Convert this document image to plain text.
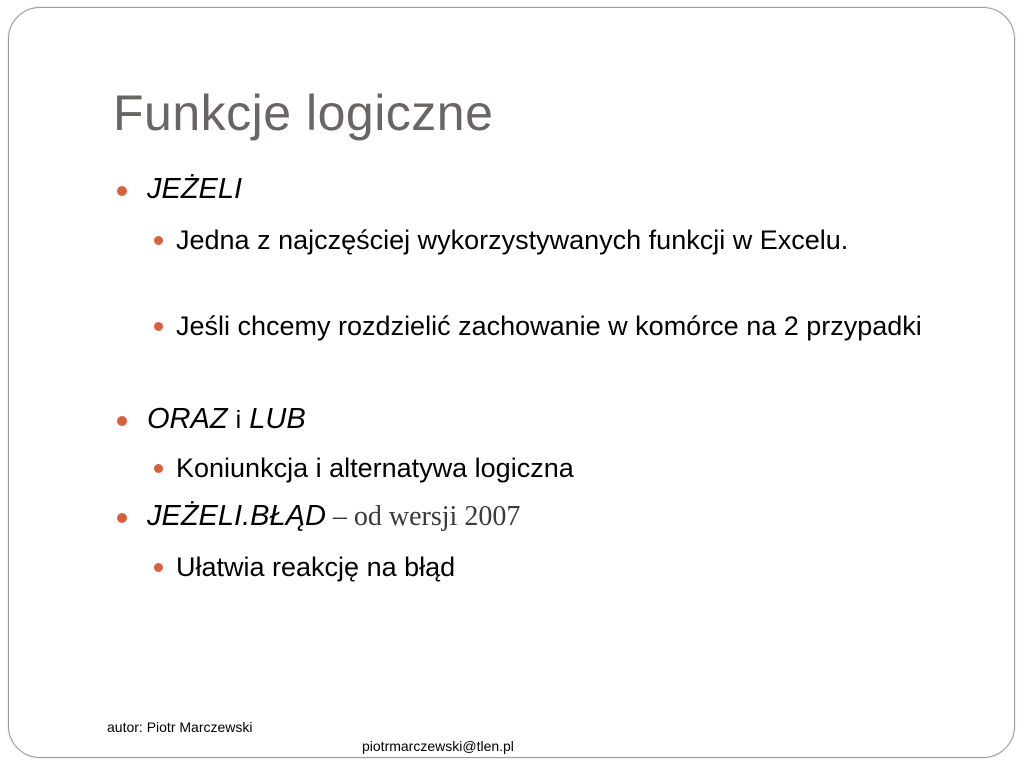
Funkcje logiczne
JEŻELI
Jedna z najczęściej wykorzystywanych funkcji w Excelu.
Jeśli chcemy rozdzielić zachowanie w komórce na 2 przypadki
ORAZ i LUB
Koniunkcja i alternatywa logiczna
JEŻELI.BŁĄD – od wersji 2007
Ułatwia reakcję na błąd
autor: Piotr Marczewski
piotrmarczewski@tlen.pl
